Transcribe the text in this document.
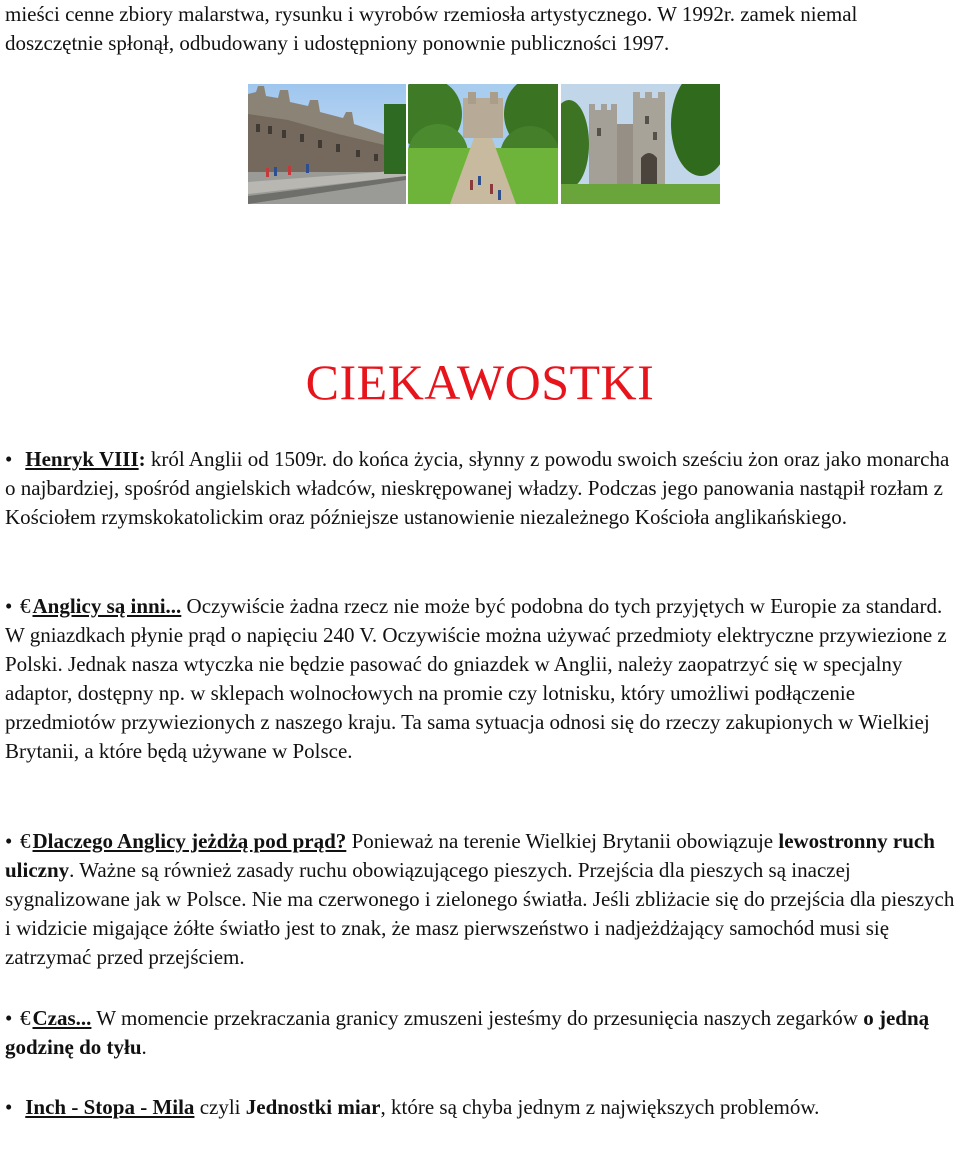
mieści cenne zbiory malarstwa, rysunku i wyrobów rzemiosła artystycznego. W 1992r. zamek niemal doszczętnie spłonął, odbudowany i udostępniony ponownie publiczności 1997.
CIEKAWOSTKI
• Henryk VIII: król Anglii od 1509r. do końca życia, słynny z powodu swoich sześciu żon oraz jako monarcha o najbardziej, spośród angielskich władców, nieskrępowanej władzy. Podczas jego panowania nastąpił rozłam z Kościołem rzymskokatolickim oraz późniejsze ustanowienie niezależnego Kościoła anglikańskiego.
• €Anglicy są inni... Oczywiście żadna rzecz nie może być podobna do tych przyjętych w Europie za standard. W gniazdkach płynie prąd o napięciu 240 V. Oczywiście można używać przedmioty elektryczne przywiezione z Polski. Jednak nasza wtyczka nie będzie pasować do gniazdek w Anglii, należy zaopatrzyć się w specjalny adaptor, dostępny np. w sklepach wolnocłowych na promie czy lotnisku, który umożliwi podłączenie przedmiotów przywiezionych z naszego kraju. Ta sama sytuacja odnosi się do rzeczy zakupionych w Wielkiej Brytanii, a które będą używane w Polsce.
• €Dlaczego Anglicy jeżdżą pod prąd? Ponieważ na terenie Wielkiej Brytanii obowiązuje lewostronny ruch uliczny. Ważne są również zasady ruchu obowiązującego pieszych. Przejścia dla pieszych są inaczej sygnalizowane jak w Polsce. Nie ma czerwonego i zielonego światła. Jeśli zbliżacie się do przejścia dla pieszych i widzicie migające żółte światło jest to znak, że masz pierwszeństwo i nadjeżdżający samochód musi się zatrzymać przed przejściem.
• €Czas... W momencie przekraczania granicy zmuszeni jesteśmy do przesunięcia naszych zegarków o jedną godzinę do tyłu.
• Inch - Stopa - Mila czyli Jednostki miar, które są chyba jednym z największych problemów.
